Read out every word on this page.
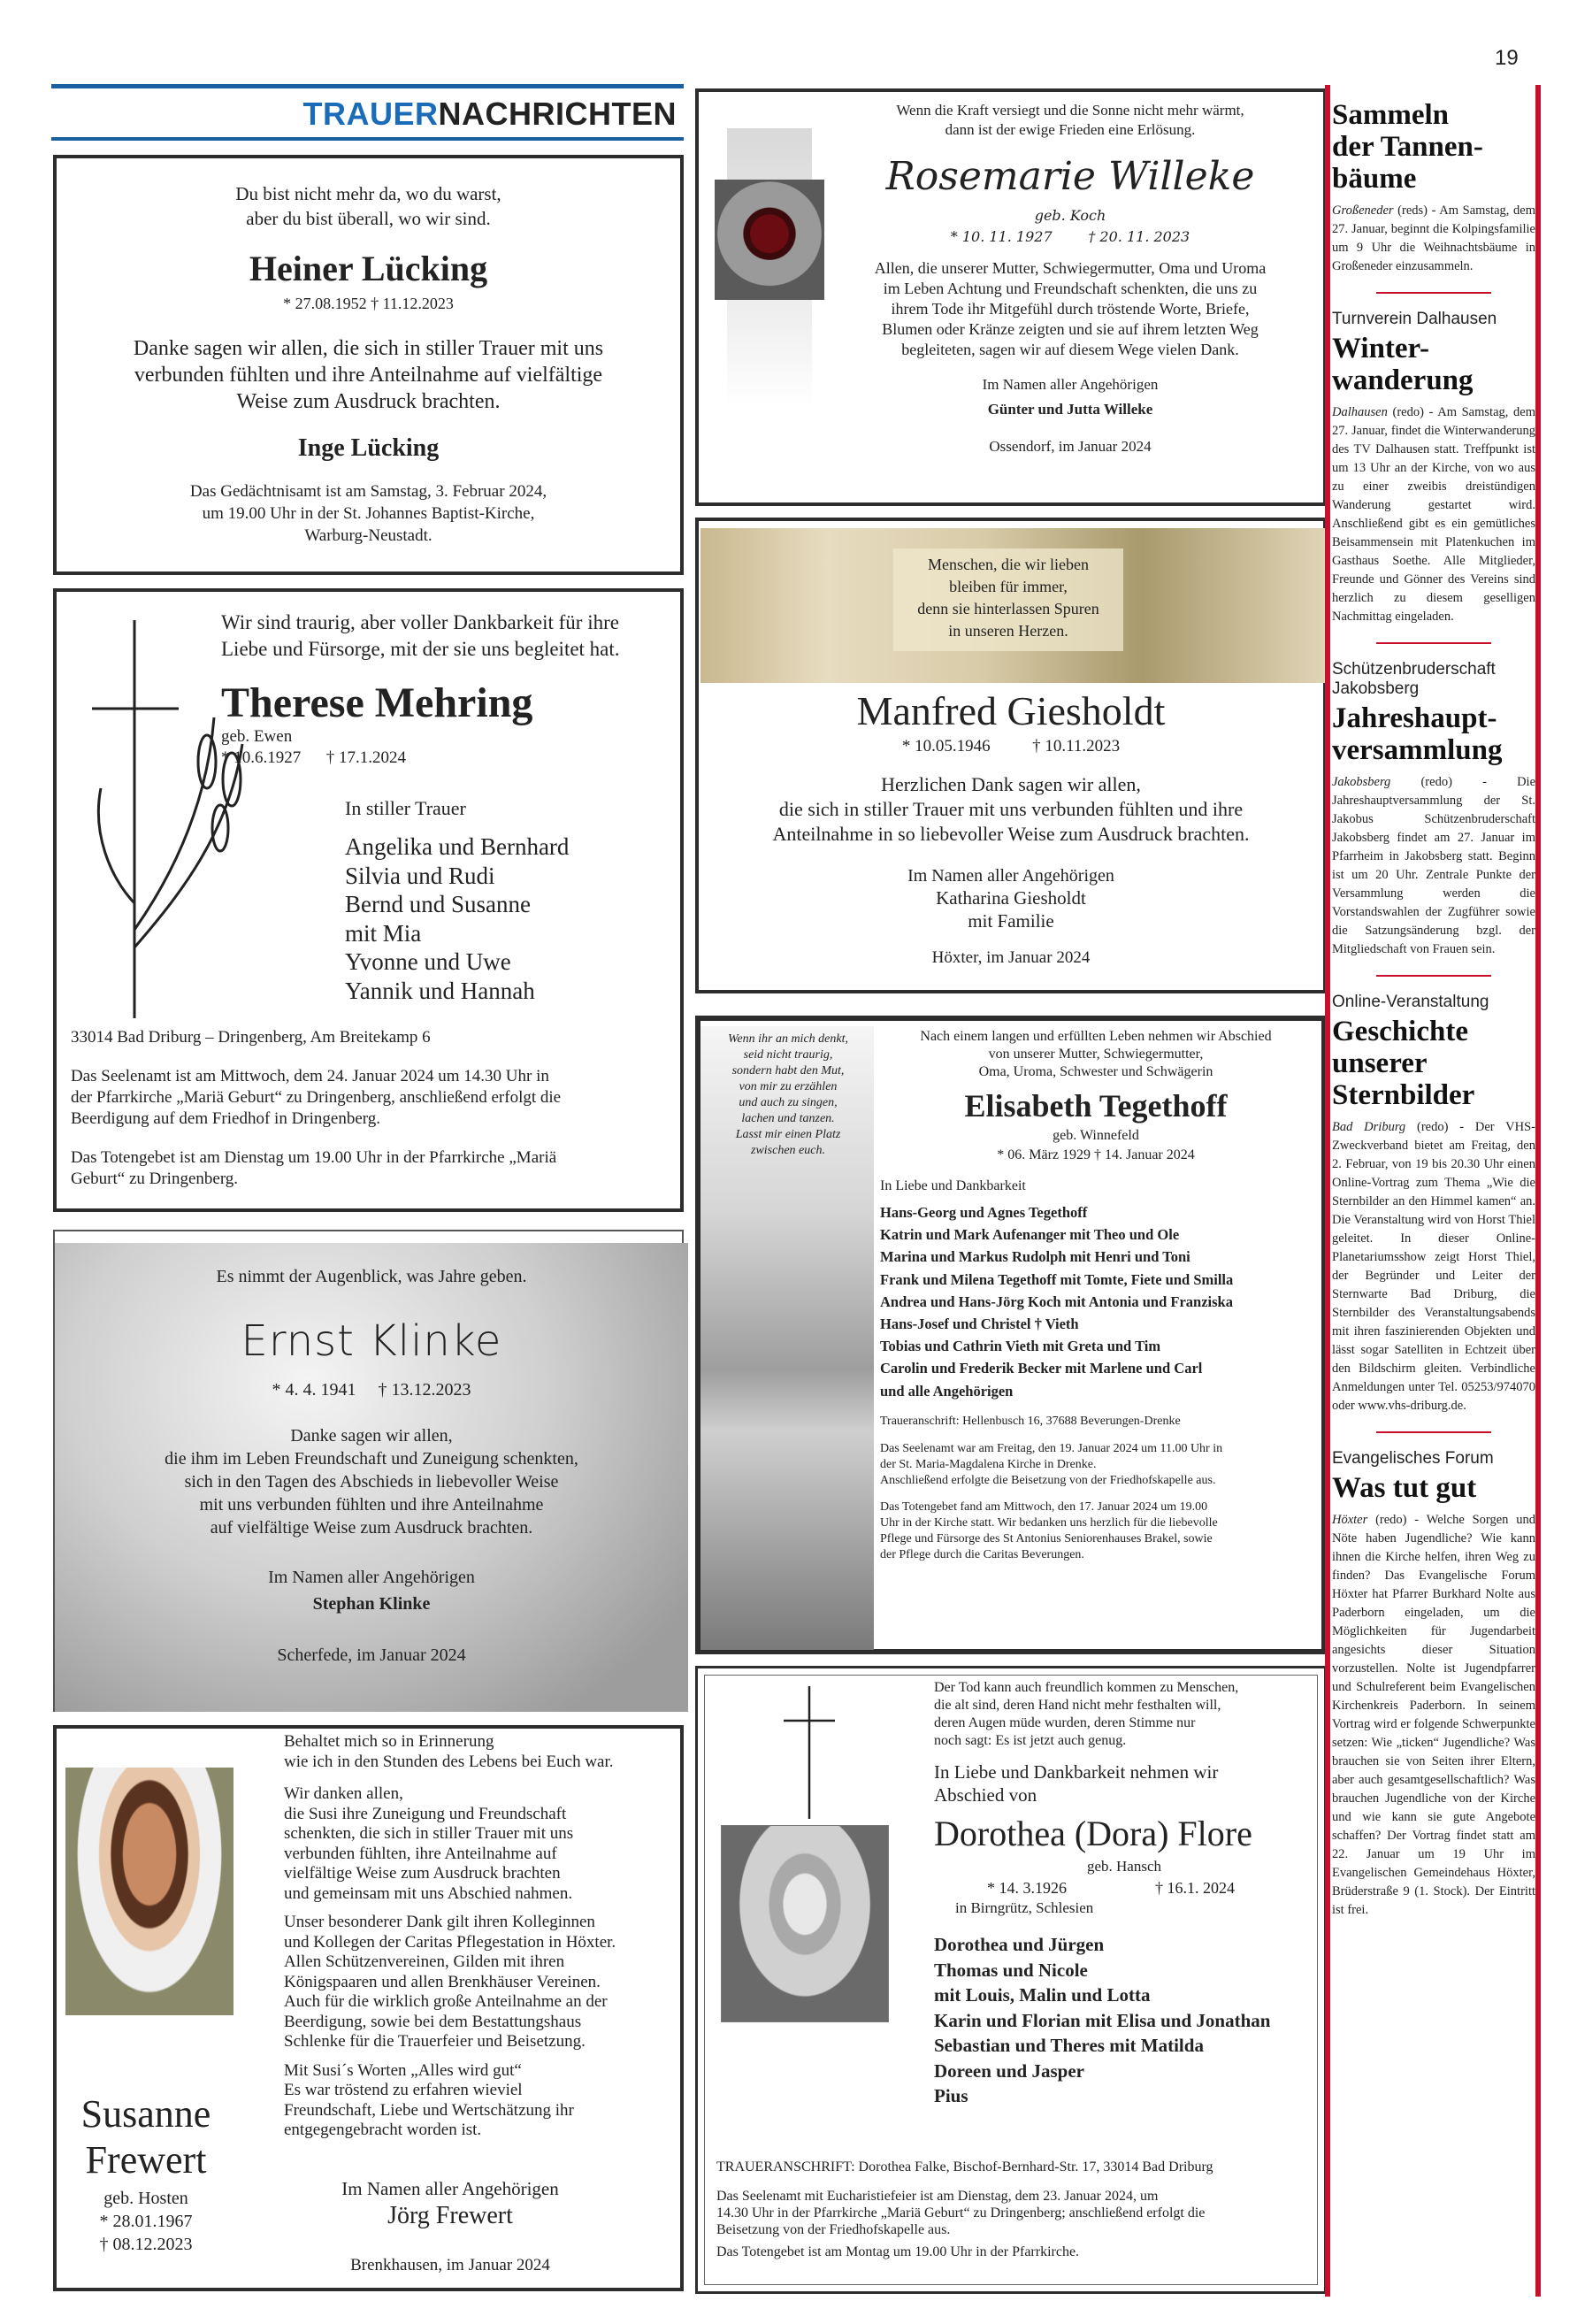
19
TRAUERNACHRICHTEN
Du bist nicht mehr da, wo du warst,
aber du bist überall, wo wir sind.
Heiner Lücking
* 27.08.1952 † 11.12.2023
Danke sagen wir allen, die sich in stiller Trauer mit uns
verbunden fühlten und ihre Anteilnahme auf vielfältige
Weise zum Ausdruck brachten.
Inge Lücking
Das Gedächtnisamt ist am Samstag, 3. Februar 2024,
um 19.00 Uhr in der St. Johannes Baptist-Kirche,
Warburg-Neustadt.
Wir sind traurig, aber voller Dankbarkeit für ihre
Liebe und Fürsorge, mit der sie uns begleitet hat.
Therese Mehring
geb. Ewen
* 10.6.1927      † 17.1.2024
In stiller Trauer
Angelika und Bernhard
Silvia und Rudi
Bernd und Susanne
mit Mia
Yvonne und Uwe
Yannik und Hannah
33014 Bad Driburg – Dringenberg, Am Breitekamp 6
Das Seelenamt ist am Mittwoch, dem 24. Januar 2024 um 14.30 Uhr in
der Pfarrkirche „Mariä Geburt“ zu Dringenberg, anschließend erfolgt die
Beerdigung auf dem Friedhof in Dringenberg.
Das Totengebet ist am Dienstag um 19.00 Uhr in der Pfarrkirche „Mariä
Geburt“ zu Dringenberg.
Es nimmt der Augenblick, was Jahre geben.
Ernst Klinke
* 4. 4. 1941     † 13.12.2023
Danke sagen wir allen,
die ihm im Leben Freundschaft und Zuneigung schenkten,
sich in den Tagen des Abschieds in liebevoller Weise
mit uns verbunden fühlten und ihre Anteilnahme
auf vielfältige Weise zum Ausdruck brachten.
Im Namen aller Angehörigen
Stephan Klinke
Scherfede, im Januar 2024
Susanne
Frewert
geb. Hosten
* 28.01.1967
† 08.12.2023
Behaltet mich so in Erinnerung
wie ich in den Stunden des Lebens bei Euch war.
Wir danken allen,
die Susi ihre Zuneigung und Freundschaft
schenkten, die sich in stiller Trauer mit uns
verbunden fühlten, ihre Anteilnahme auf
vielfältige Weise zum Ausdruck brachten
und gemeinsam mit uns Abschied nahmen.
Unser besonderer Dank gilt ihren Kolleginnen
und Kollegen der Caritas Pflegestation in Höxter.
Allen Schützenvereinen, Gilden mit ihren
Königspaaren und allen Brenkhäuser Vereinen.
Auch für die wirklich große Anteilnahme an der
Beerdigung, sowie bei dem Bestattungshaus
Schlenke für die Trauerfeier und Beisetzung.
Mit Susi´s Worten „Alles wird gut“
Es war tröstend zu erfahren wieviel
Freundschaft, Liebe und Wertschätzung ihr
entgegengebracht worden ist.
Im Namen aller Angehörigen
Jörg Frewert
Brenkhausen, im Januar 2024
Wenn die Kraft versiegt und die Sonne nicht mehr wärmt,
dann ist der ewige Frieden eine Erlösung.
Rosemarie Willeke
geb. Koch
* 10. 11. 1927        † 20. 11. 2023
Allen, die unserer Mutter, Schwiegermutter, Oma und Uroma
im Leben Achtung und Freundschaft schenkten, die uns zu
ihrem Tode ihr Mitgefühl durch tröstende Worte, Briefe,
Blumen oder Kränze zeigten und sie auf ihrem letzten Weg
begleiteten, sagen wir auf diesem Wege vielen Dank.
Im Namen aller Angehörigen
Günter und Jutta Willeke
Ossendorf, im Januar 2024
Menschen, die wir lieben
bleiben für immer,
denn sie hinterlassen Spuren
in unseren Herzen.
Manfred Giesholdt
* 10.05.1946          † 10.11.2023
Herzlichen Dank sagen wir allen,
die sich in stiller Trauer mit uns verbunden fühlten und ihre
Anteilnahme in so liebevoller Weise zum Ausdruck brachten.
Im Namen aller Angehörigen
Katharina Giesholdt
mit Familie
Höxter, im Januar 2024
Wenn ihr an mich denkt,
seid nicht traurig,
sondern habt den Mut,
von mir zu erzählen
und auch zu singen,
lachen und tanzen.
Lasst mir einen Platz
zwischen euch.
Nach einem langen und erfüllten Leben nehmen wir Abschied
von unserer Mutter, Schwiegermutter,
Oma, Uroma, Schwester und Schwägerin
Elisabeth Tegethoff
geb. Winnefeld
* 06. März 1929 † 14. Januar 2024
In Liebe und Dankbarkeit
Hans-Georg und Agnes Tegethoff
Katrin und Mark Aufenanger mit Theo und Ole
Marina und Markus Rudolph mit Henri und Toni
Frank und Milena Tegethoff mit Tomte, Fiete und Smilla
Andrea und Hans-Jörg Koch mit Antonia und Franziska
Hans-Josef und Christel † Vieth
Tobias und Cathrin Vieth mit Greta und Tim
Carolin und Frederik Becker mit Marlene und Carl
und alle Angehörigen
Traueranschrift: Hellenbusch 16, 37688 Beverungen-Drenke
Das Seelenamt war am Freitag, den 19. Januar 2024 um 11.00 Uhr in
der St. Maria-Magdalena Kirche in Drenke.
Anschließend erfolgte die Beisetzung von der Friedhofskapelle aus.
Das Totengebet fand am Mittwoch, den 17. Januar 2024 um 19.00
Uhr in der Kirche statt. Wir bedanken uns herzlich für die liebevolle
Pflege und Fürsorge des St Antonius Seniorenhauses Brakel, sowie
der Pflege durch die Caritas Beverungen.
Der Tod kann auch freundlich kommen zu Menschen,
die alt sind, deren Hand nicht mehr festhalten will,
deren Augen müde wurden, deren Stimme nur
noch sagt: Es ist jetzt auch genug.
In Liebe und Dankbarkeit nehmen wir
Abschied von
Dorothea (Dora) Flore
geb. Hansch
* 14. 3.1926	† 16.1. 2024
in Birngrütz, Schlesien
Dorothea und Jürgen
Thomas und Nicole
mit Louis, Malin und Lotta
Karin und Florian mit Elisa und Jonathan
Sebastian und Theres mit Matilda
Doreen und Jasper
Pius
TRAUERANSCHRIFT: Dorothea Falke, Bischof-Bernhard-Str. 17, 33014 Bad Driburg
Das Seelenamt mit Eucharistiefeier ist am Dienstag, dem 23. Januar 2024, um
14.30 Uhr in der Pfarrkirche „Mariä Geburt“ zu Dringenberg; anschließend erfolgt die
Beisetzung von der Friedhofskapelle aus.
Das Totengebet ist am Montag um 19.00 Uhr in der Pfarrkirche.
Sammeln
der Tannen-
bäume
Großeneder (reds) - Am Samstag, dem 27. Januar, beginnt die Kolpingsfamilie um 9 Uhr die Weihnachtsbäume in Großeneder einzusammeln.
Turnverein Dalhausen
Winter-
wanderung
Dalhausen (redo) - Am Samstag, dem 27. Januar, findet die Winterwanderung des TV Dalhausen statt. Treffpunkt ist um 13 Uhr an der Kirche, von wo aus zu einer zweibis dreistündigen Wanderung gestartet wird. Anschließend gibt es ein gemütliches Beisammensein mit Platenkuchen im Gasthaus Soethe. Alle Mitglieder, Freunde und Gönner des Vereins sind herzlich zu diesem geselligen Nachmittag eingeladen.
Schützenbruderschaft Jakobsberg
Jahreshaupt-
versammlung
Jakobsberg (redo) - Die Jahreshauptversammlung der St. Jakobus Schützenbruderschaft Jakobsberg findet am 27. Januar im Pfarrheim in Jakobsberg statt. Beginn ist um 20 Uhr. Zentrale Punkte der Versammlung werden die Vorstandswahlen der Zugführer sowie die Satzungsänderung bzgl. der Mitgliedschaft von Frauen sein.
Online-Veranstaltung
Geschichte
unserer
Sternbilder
Bad Driburg (redo) - Der VHS-Zweckverband bietet am Freitag, den 2. Februar, von 19 bis 20.30 Uhr einen Online-Vortrag zum Thema „Wie die Sternbilder an den Himmel kamen“ an. Die Veranstaltung wird von Horst Thiel geleitet. In dieser Online-Planetariumsshow zeigt Horst Thiel, der Begründer und Leiter der Sternwarte Bad Driburg, die Sternbilder des Veranstaltungsabends mit ihren faszinierenden Objekten und lässt sogar Satelliten in Echtzeit über den Bildschirm gleiten. Verbindliche Anmeldungen unter Tel. 05253/974070 oder www.vhs-driburg.de.
Evangelisches Forum
Was tut gut
Höxter (redo) - Welche Sorgen und Nöte haben Jugendliche? Wie kann ihnen die Kirche helfen, ihren Weg zu finden? Das Evangelische Forum Höxter hat Pfarrer Burkhard Nolte aus Paderborn eingeladen, um die Möglichkeiten für Jugendarbeit angesichts dieser Situation vorzustellen. Nolte ist Jugendpfarrer und Schulreferent beim Evangelischen Kirchenkreis Paderborn. In seinem Vortrag wird er folgende Schwerpunkte setzen: Wie „ticken“ Jugendliche? Was brauchen sie von Seiten ihrer Eltern, aber auch gesamtgesellschaftlich? Was brauchen Jugendliche von der Kirche und wie kann sie gute Angebote schaffen? Der Vortrag findet statt am 22. Januar um 19 Uhr im Evangelischen Gemeindehaus Höxter, Brüderstraße 9 (1. Stock). Der Eintritt ist frei.
